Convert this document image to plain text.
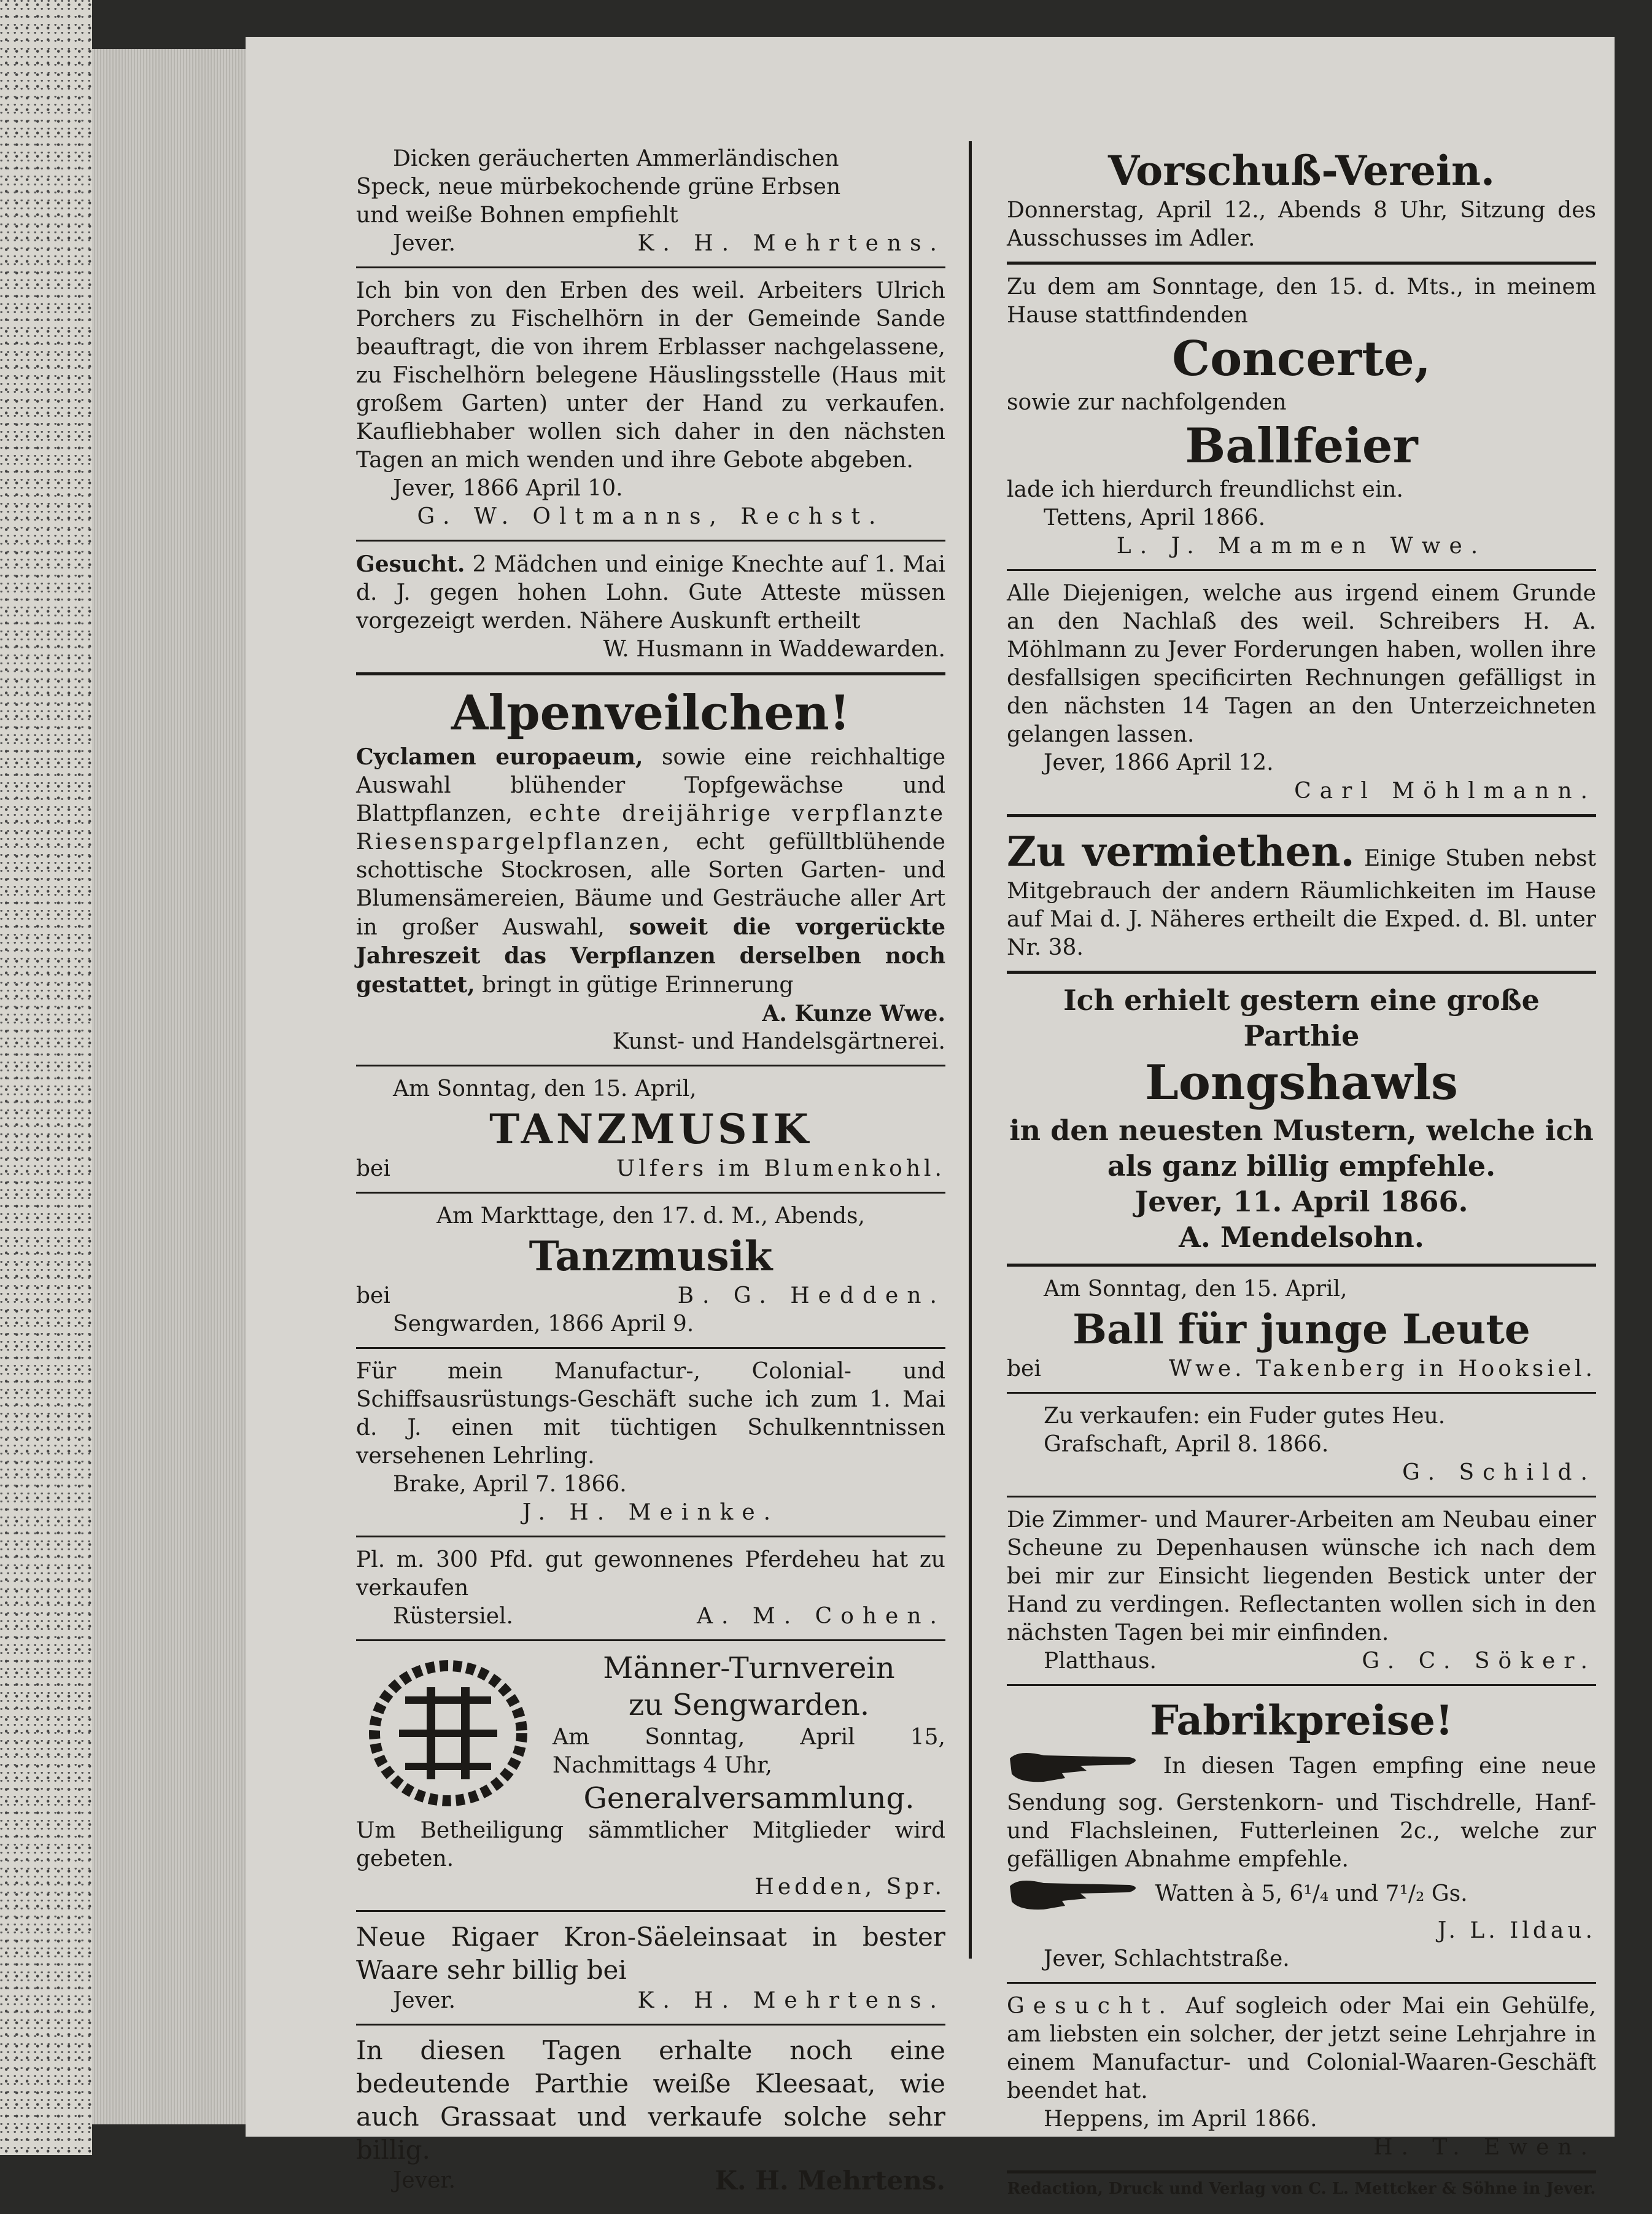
Dicken geräucherten Ammerländischen

Speck, neue mürbekochende grüne Erbsen

und weiße Bohnen empfiehlt

Jever.	K. H. Mehrtens.

Ich bin von den Erben des weil. Arbeiters Ulrich Porchers zu Fischelhörn in der Gemeinde Sande beauftragt, die von ihrem Erblasser nachgelassene, zu Fischelhörn belegene Häuslingsstelle (Haus mit großem Garten) unter der Hand zu verkaufen. Kaufliebhaber wollen sich daher in den nächsten Tagen an mich wenden und ihre Gebote abgeben.

Jever, 1866 April 10.

G. W. Oltmanns, Rechst.

Gesucht. 2 Mädchen und einige Knechte auf 1. Mai d. J. gegen hohen Lohn. Gute Atteste müssen vorgezeigt werden. Nähere Auskunft ertheilt

W. Husmann in Waddewarden.

Alpenveilchen!

Cyclamen europaeum, sowie eine reichhaltige Auswahl blühender Topfgewächse und Blattpflanzen, echte dreijährige verpflanzte Riesenspargelpflanzen, echt gefülltblühende schottische Stockrosen, alle Sorten Garten- und Blumensämereien, Bäume und Gesträuche aller Art in großer Auswahl, soweit die vorgerückte Jahreszeit das Verpflanzen derselben noch gestattet, bringt in gütige Erinnerung

A. Kunze Wwe.

Kunst- und Handelsgärtnerei.

Am Sonntag, den 15. April,

TANZMUSIK

bei	Ulfers im Blumenkohl.

Am Markttage, den 17. d. M., Abends,

Tanzmusik

bei	B. G. Hedden.

Sengwarden, 1866 April 9.

Für mein Manufactur-, Colonial- und Schiffsausrüstungs-Geschäft suche ich zum 1. Mai d. J. einen mit tüchtigen Schulkenntnissen versehenen Lehrling.

Brake, April 7. 1866.

J. H. Meinke.

Pl. m. 300 Pfd. gut gewonnenes Pferdeheu hat zu verkaufen

Rüstersiel.	A. M. Cohen.

Männer-Turnverein

zu Sengwarden.

Am Sonntag, April 15, Nachmittags 4 Uhr,

Generalversammlung.

Um Betheiligung sämmtlicher Mitglieder wird gebeten.

Hedden, Spr.

Neue Rigaer Kron-Säeleinsaat in bester Waare sehr billig bei

Jever.	K. H. Mehrtens.

In diesen Tagen erhalte noch eine bedeutende Parthie weiße Kleesaat, wie auch Grassaat und verkaufe solche sehr billig.

Jever.	K. H. Mehrtens.

Vorschuß-Verein.

Donnerstag, April 12., Abends 8 Uhr, Sitzung des Ausschusses im Adler.

Zu dem am Sonntage, den 15. d. Mts., in meinem Hause stattfindenden

Concerte,

sowie zur nachfolgenden

Ballfeier

lade ich hierdurch freundlichst ein.

Tettens, April 1866.

L. J. Mammen Wwe.

Alle Diejenigen, welche aus irgend einem Grunde an den Nachlaß des weil. Schreibers H. A. Möhlmann zu Jever Forderungen haben, wollen ihre desfallsigen specificirten Rechnungen gefälligst in den nächsten 14 Tagen an den Unterzeichneten gelangen lassen.

Jever, 1866 April 12.

Carl Möhlmann.

Zu vermiethen. Einige Stuben nebst Mitgebrauch der andern Räumlichkeiten im Hause auf Mai d. J. Näheres ertheilt die Exped. d. Bl. unter Nr. 38.

Ich erhielt gestern eine große Parthie

Longshawls

in den neuesten Mustern, welche ich

als ganz billig empfehle.

Jever, 11. April 1866.

A. Mendelsohn.

Am Sonntag, den 15. April,

Ball für junge Leute

bei	Wwe. Takenberg in Hooksiel.

Zu verkaufen: ein Fuder gutes Heu.

Grafschaft, April 8. 1866.

G. Schild.

Die Zimmer- und Maurer-Arbeiten am Neubau einer Scheune zu Depenhausen wünsche ich nach dem bei mir zur Einsicht liegenden Bestick unter der Hand zu verdingen. Reflectanten wollen sich in den nächsten Tagen bei mir einfinden.

Platthaus.	G. C. Söker.

Fabrikpreise!

In diesen Tagen empfing eine neue Sendung sog. Gerstenkorn- und Tischdrelle, Hanf- und Flachsleinen, Futterleinen 2c., welche zur gefälligen Abnahme empfehle.

Watten à 5, 6¹/₄ und 7¹/₂ Gs.

J. L. Ildau.

Jever, Schlachtstraße.

Gesucht. Auf sogleich oder Mai ein Gehülfe, am liebsten ein solcher, der jetzt seine Lehrjahre in einem Manufactur- und Colonial-Waaren-Geschäft beendet hat.

Heppens, im April 1866.

H. T. Ewen.

Redaction, Druck und Verlag von C. L. Mettcker & Söhne in Jever.
